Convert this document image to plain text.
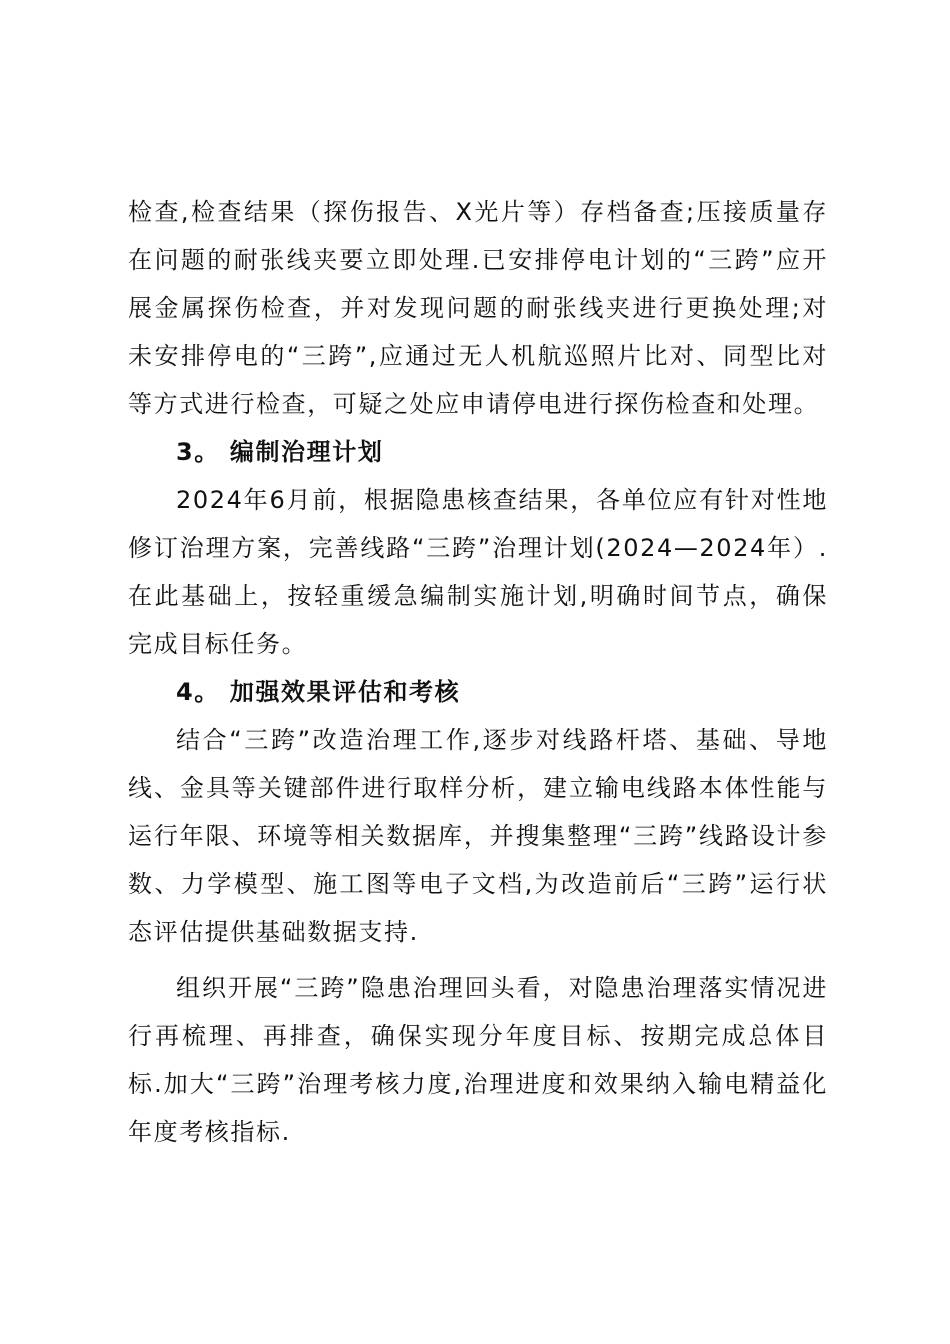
检查,检查结果（探伤报告、X光片等）存档备查;压接质量存在问题的耐张线夹要立即处理.已安排停电计划的“三跨”应开展金属探伤检查，并对发现问题的耐张线夹进行更换处理;对未安排停电的“三跨”,应通过无人机航巡照片比对、同型比对等方式进行检查，可疑之处应申请停电进行探伤检查和处理。

3。 编制治理计划

2024年6月前，根据隐患核查结果，各单位应有针对性地修订治理方案，完善线路“三跨”治理计划(2024—2024年）.在此基础上，按轻重缓急编制实施计划,明确时间节点，确保完成目标任务。

4。 加强效果评估和考核

结合“三跨”改造治理工作,逐步对线路杆塔、基础、导地线、金具等关键部件进行取样分析，建立输电线路本体性能与运行年限、环境等相关数据库，并搜集整理“三跨”线路设计参数、力学模型、施工图等电子文档,为改造前后“三跨”运行状态评估提供基础数据支持.

组织开展“三跨”隐患治理回头看，对隐患治理落实情况进行再梳理、再排查，确保实现分年度目标、按期完成总体目标.加大“三跨”治理考核力度,治理进度和效果纳入输电精益化年度考核指标.
